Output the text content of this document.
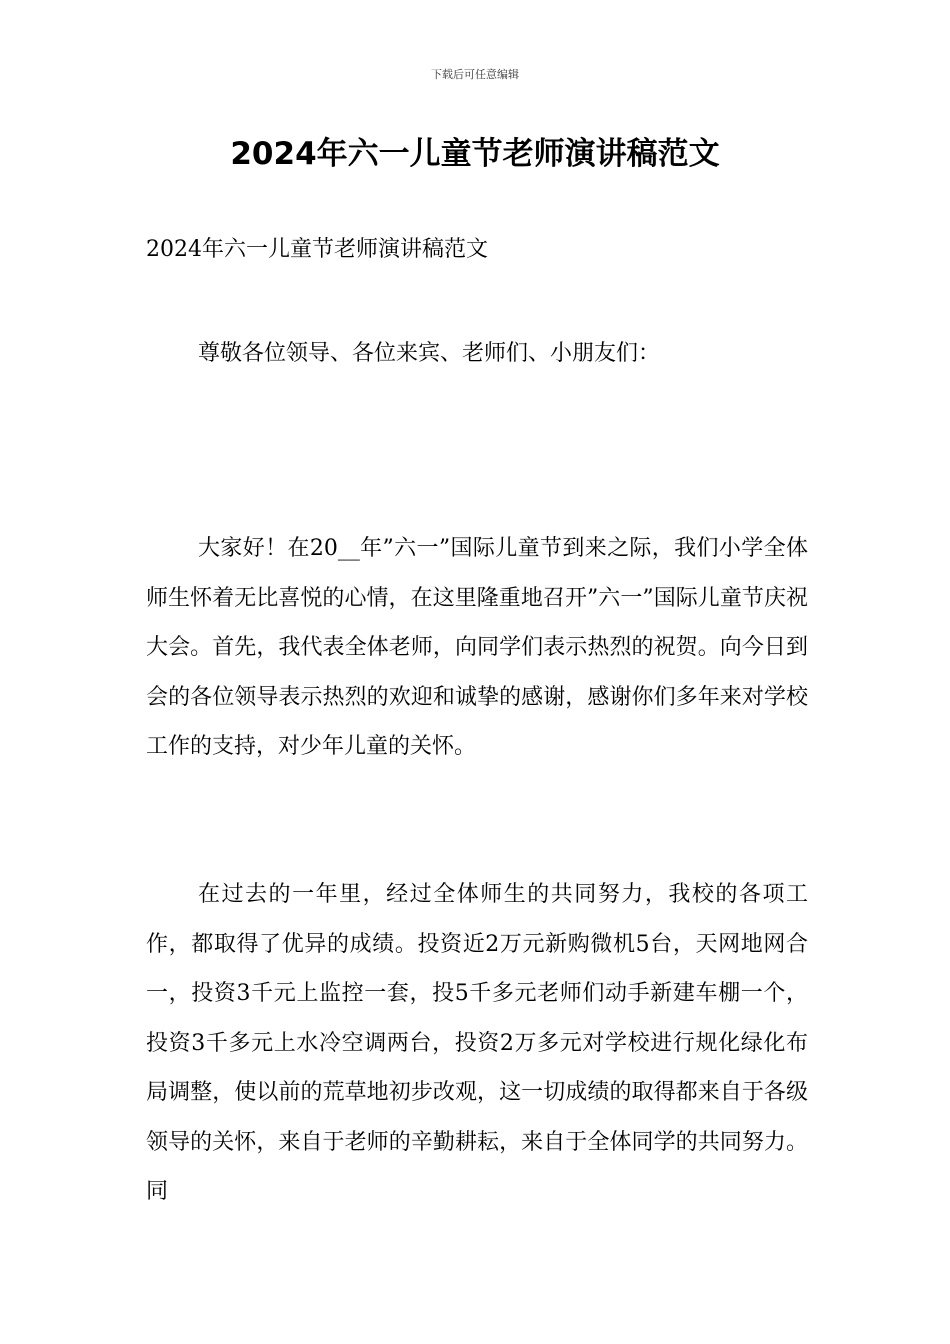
下载后可任意编辑
2024年六一儿童节老师演讲稿范文

2024年六一儿童节老师演讲稿范文

尊敬各位领导、各位来宾、老师们、小朋友们：

大家好！在20__年”六一”国际儿童节到来之际，我们小学全体师生怀着无比喜悦的心情，在这里隆重地召开”六一”国际儿童节庆祝大会。首先，我代表全体老师，向同学们表示热烈的祝贺。向今日到会的各位领导表示热烈的欢迎和诚挚的感谢，感谢你们多年来对学校工作的支持，对少年儿童的关怀。

在过去的一年里，经过全体师生的共同努力，我校的各项工作，都取得了优异的成绩。投资近2万元新购微机5台，天网地网合一，投资3千元上监控一套，投5千多元老师们动手新建车棚一个，投资3千多元上水冷空调两台，投资2万多元对学校进行规化绿化布局调整，使以前的荒草地初步改观，这一切成绩的取得都来自于各级领导的关怀，来自于老师的辛勤耕耘，来自于全体同学的共同努力。同
